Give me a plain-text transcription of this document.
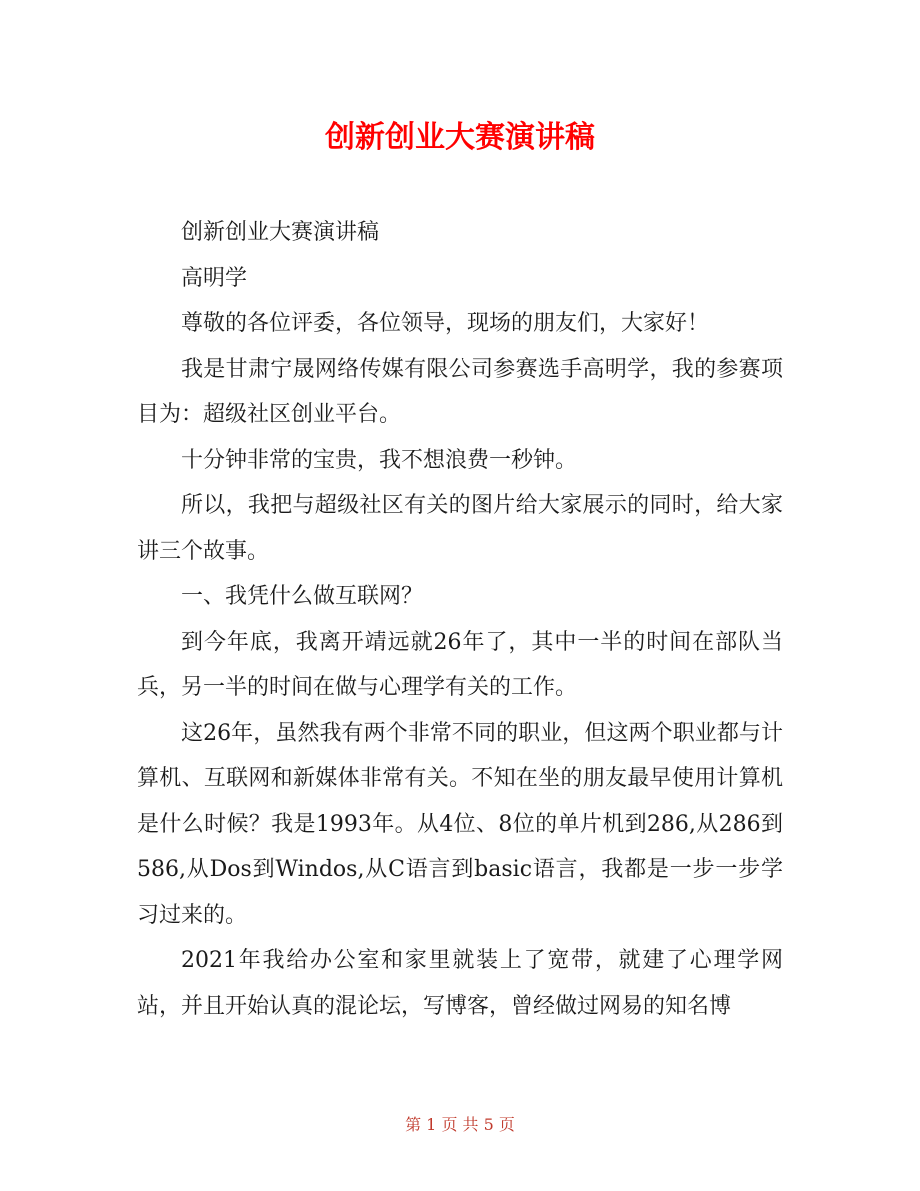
创新创业大赛演讲稿

创新创业大赛演讲稿

高明学

尊敬的各位评委，各位领导，现场的朋友们，大家好！

我是甘肃宁晟网络传媒有限公司参赛选手高明学，我的参赛项目为：超级社区创业平台。

十分钟非常的宝贵，我不想浪费一秒钟。

所以，我把与超级社区有关的图片给大家展示的同时，给大家讲三个故事。

一、我凭什么做互联网？

到今年底，我离开靖远就26年了，其中一半的时间在部队当兵，另一半的时间在做与心理学有关的工作。

这26年，虽然我有两个非常不同的职业，但这两个职业都与计算机、互联网和新媒体非常有关。不知在坐的朋友最早使用计算机是什么时候？我是1993年。从4位、8位的单片机到286,从286到586,从Dos到Windos,从C语言到basic语言，我都是一步一步学习过来的。

2021年我给办公室和家里就装上了宽带，就建了心理学网站，并且开始认真的混论坛，写博客，曾经做过网易的知名博

第 1 页 共 5 页
